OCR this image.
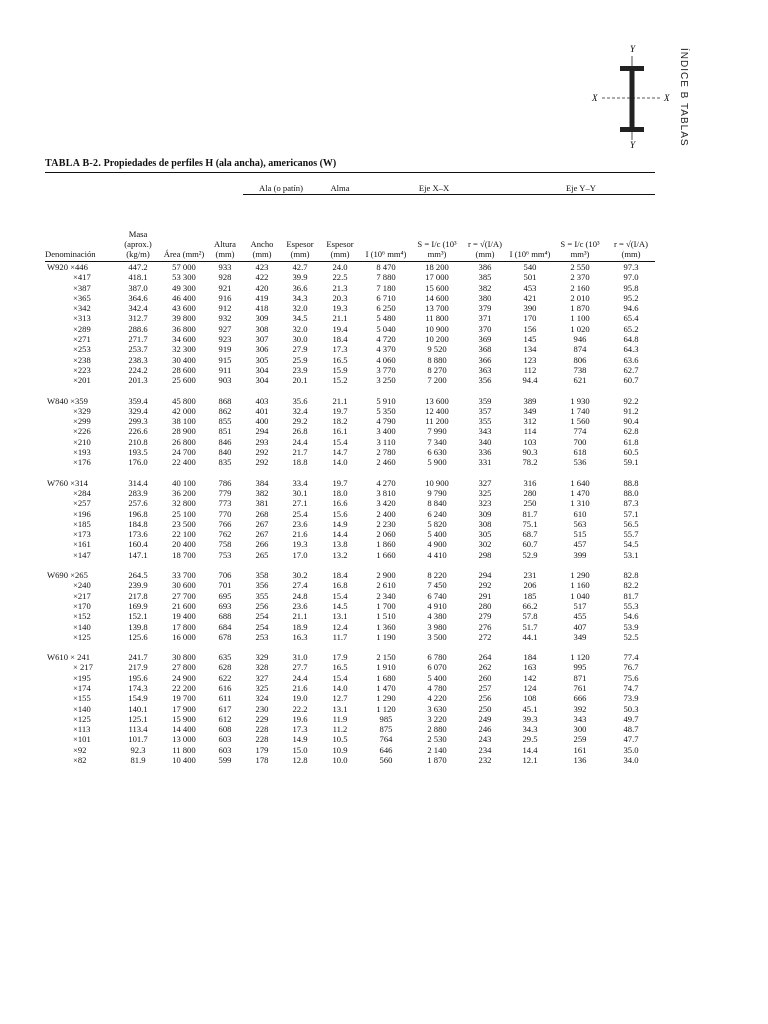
ÍNDICE B TABLAS
Y
X	X
Y
TABLA B-2. Propiedades de perfiles H (ala ancha), americanos (W)

				Ala (o patín)		Alma	Eje X–X			Eje Y–Y		
Denominación	Masa (aprox.) (kg/m)	Área (mm²)	Altura (mm)	Ancho (mm)	Espesor (mm)	Espesor (mm)	I (10⁶ mm⁴)	S = I/c (10³ mm³)	r = √(I/A) (mm)	I (10⁶ mm⁴)	S = I/c (10³ mm³)	r = √(I/A) (mm)
W920 ×446	447.2	57 000	933	423	42.7	24.0	8 470	18 200	386	540	2 550	97.3
×417	418.1	53 300	928	422	39.9	22.5	7 880	17 000	385	501	2 370	97.0
×387	387.0	49 300	921	420	36.6	21.3	7 180	15 600	382	453	2 160	95.8
×365	364.6	46 400	916	419	34.3	20.3	6 710	14 600	380	421	2 010	95.2
×342	342.4	43 600	912	418	32.0	19.3	6 250	13 700	379	390	1 870	94.6
×313	312.7	39 800	932	309	34.5	21.1	5 480	11 800	371	170	1 100	65.4
×289	288.6	36 800	927	308	32.0	19.4	5 040	10 900	370	156	1 020	65.2
×271	271.7	34 600	923	307	30.0	18.4	4 720	10 200	369	145	946	64.8
×253	253.7	32 300	919	306	27.9	17.3	4 370	9 520	368	134	874	64.3
×238	238.3	30 400	915	305	25.9	16.5	4 060	8 880	366	123	806	63.6
×223	224.2	28 600	911	304	23.9	15.9	3 770	8 270	363	112	738	62.7
×201	201.3	25 600	903	304	20.1	15.2	3 250	7 200	356	94.4	621	60.7

W840 ×359	359.4	45 800	868	403	35.6	21.1	5 910	13 600	359	389	1 930	92.2
×329	329.4	42 000	862	401	32.4	19.7	5 350	12 400	357	349	1 740	91.2
×299	299.3	38 100	855	400	29.2	18.2	4 790	11 200	355	312	1 560	90.4
×226	226.6	28 900	851	294	26.8	16.1	3 400	7 990	343	114	774	62.8
×210	210.8	26 800	846	293	24.4	15.4	3 110	7 340	340	103	700	61.8
×193	193.5	24 700	840	292	21.7	14.7	2 780	6 630	336	90.3	618	60.5
×176	176.0	22 400	835	292	18.8	14.0	2 460	5 900	331	78.2	536	59.1

W760 ×314	314.4	40 100	786	384	33.4	19.7	4 270	10 900	327	316	1 640	88.8
×284	283.9	36 200	779	382	30.1	18.0	3 810	9 790	325	280	1 470	88.0
×257	257.6	32 800	773	381	27.1	16.6	3 420	8 840	323	250	1 310	87.3
×196	196.8	25 100	770	268	25.4	15.6	2 400	6 240	309	81.7	610	57.1
×185	184.8	23 500	766	267	23.6	14.9	2 230	5 820	308	75.1	563	56.5
×173	173.6	22 100	762	267	21.6	14.4	2 060	5 400	305	68.7	515	55.7
×161	160.4	20 400	758	266	19.3	13.8	1 860	4 900	302	60.7	457	54.5
×147	147.1	18 700	753	265	17.0	13.2	1 660	4 410	298	52.9	399	53.1

W690 ×265	264.5	33 700	706	358	30.2	18.4	2 900	8 220	294	231	1 290	82.8
×240	239.9	30 600	701	356	27.4	16.8	2 610	7 450	292	206	1 160	82.2
×217	217.8	27 700	695	355	24.8	15.4	2 340	6 740	291	185	1 040	81.7
×170	169.9	21 600	693	256	23.6	14.5	1 700	4 910	280	66.2	517	55.3
×152	152.1	19 400	688	254	21.1	13.1	1 510	4 380	279	57.8	455	54.6
×140	139.8	17 800	684	254	18.9	12.4	1 360	3 980	276	51.7	407	53.9
×125	125.6	16 000	678	253	16.3	11.7	1 190	3 500	272	44.1	349	52.5

W610 × 241	241.7	30 800	635	329	31.0	17.9	2 150	6 780	264	184	1 120	77.4
× 217	217.9	27 800	628	328	27.7	16.5	1 910	6 070	262	163	995	76.7
×195	195.6	24 900	622	327	24.4	15.4	1 680	5 400	260	142	871	75.6
×174	174.3	22 200	616	325	21.6	14.0	1 470	4 780	257	124	761	74.7
×155	154.9	19 700	611	324	19.0	12.7	1 290	4 220	256	108	666	73.9
×140	140.1	17 900	617	230	22.2	13.1	1 120	3 630	250	45.1	392	50.3
×125	125.1	15 900	612	229	19.6	11.9	985	3 220	249	39.3	343	49.7
×113	113.4	14 400	608	228	17.3	11.2	875	2 880	246	34.3	300	48.7
×101	101.7	13 000	603	228	14.9	10.5	764	2 530	243	29.5	259	47.7
×92	92.3	11 800	603	179	15.0	10.9	646	2 140	234	14.4	161	35.0
×82	81.9	10 400	599	178	12.8	10.0	560	1 870	232	12.1	136	34.0
